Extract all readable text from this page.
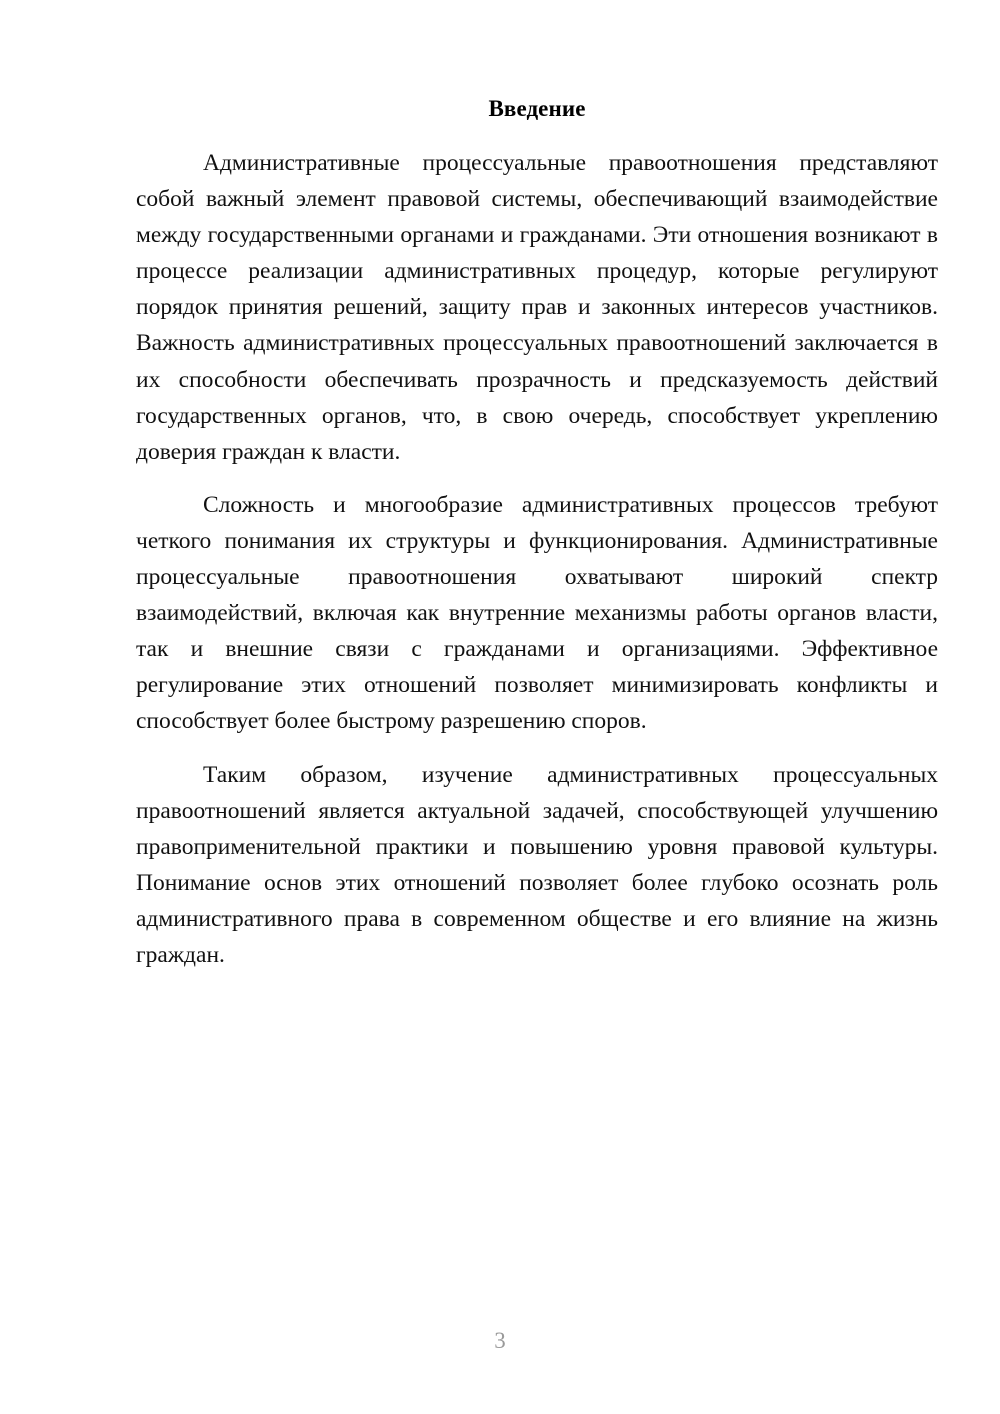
Введение

Административные процессуальные правоотношения представляют собой важный элемент правовой системы, обеспечивающий взаимодействие между государственными органами и гражданами. Эти отношения возникают в процессе реализации административных процедур, которые регулируют порядок принятия решений, защиту прав и законных интересов участников. Важность административных процессуальных правоотношений заключается в их способности обеспечивать прозрачность и предсказуемость действий государственных органов, что, в свою очередь, способствует укреплению доверия граждан к власти.

Сложность и многообразие административных процессов требуют четкого понимания их структуры и функционирования. Административные процессуальные правоотношения охватывают широкий спектр взаимодействий, включая как внутренние механизмы работы органов власти, так и внешние связи с гражданами и организациями. Эффективное регулирование этих отношений позволяет минимизировать конфликты и способствует более быстрому разрешению споров.

Таким образом, изучение административных процессуальных правоотношений является актуальной задачей, способствующей улучшению правоприменительной практики и повышению уровня правовой культуры. Понимание основ этих отношений позволяет более глубоко осознать роль административного права в современном обществе и его влияние на жизнь граждан.

3
